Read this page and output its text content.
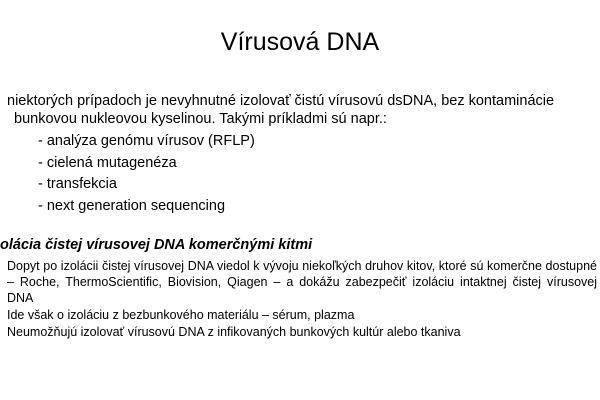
Vírusová DNA
niektorých prípadoch je nevyhnutné izolovať čistú vírusovú dsDNA, bez kontaminácie
bunkovou nukleovou kyselinou. Takými príkladmi sú napr.:
- analýza genómu vírusov (RFLP)
- cielená mutagenéza
- transfekcia
- next generation sequencing
olácia čistej vírusovej DNA komerčnými kitmi
Dopyt po izolácii čistej vírusovej DNA viedol k vývoju niekoľkých druhov kitov, ktoré sú komerčne dostupné – Roche, ThermoScientific, Biovision, Qiagen – a dokážu zabezpečiť izoláciu intaktnej čistej vírusovej DNA
Ide však o izoláciu z bezbunkového materiálu – sérum, plazma
Neumožňujú izolovať vírusovú DNA z infikovaných bunkových kultúr alebo tkaniva
